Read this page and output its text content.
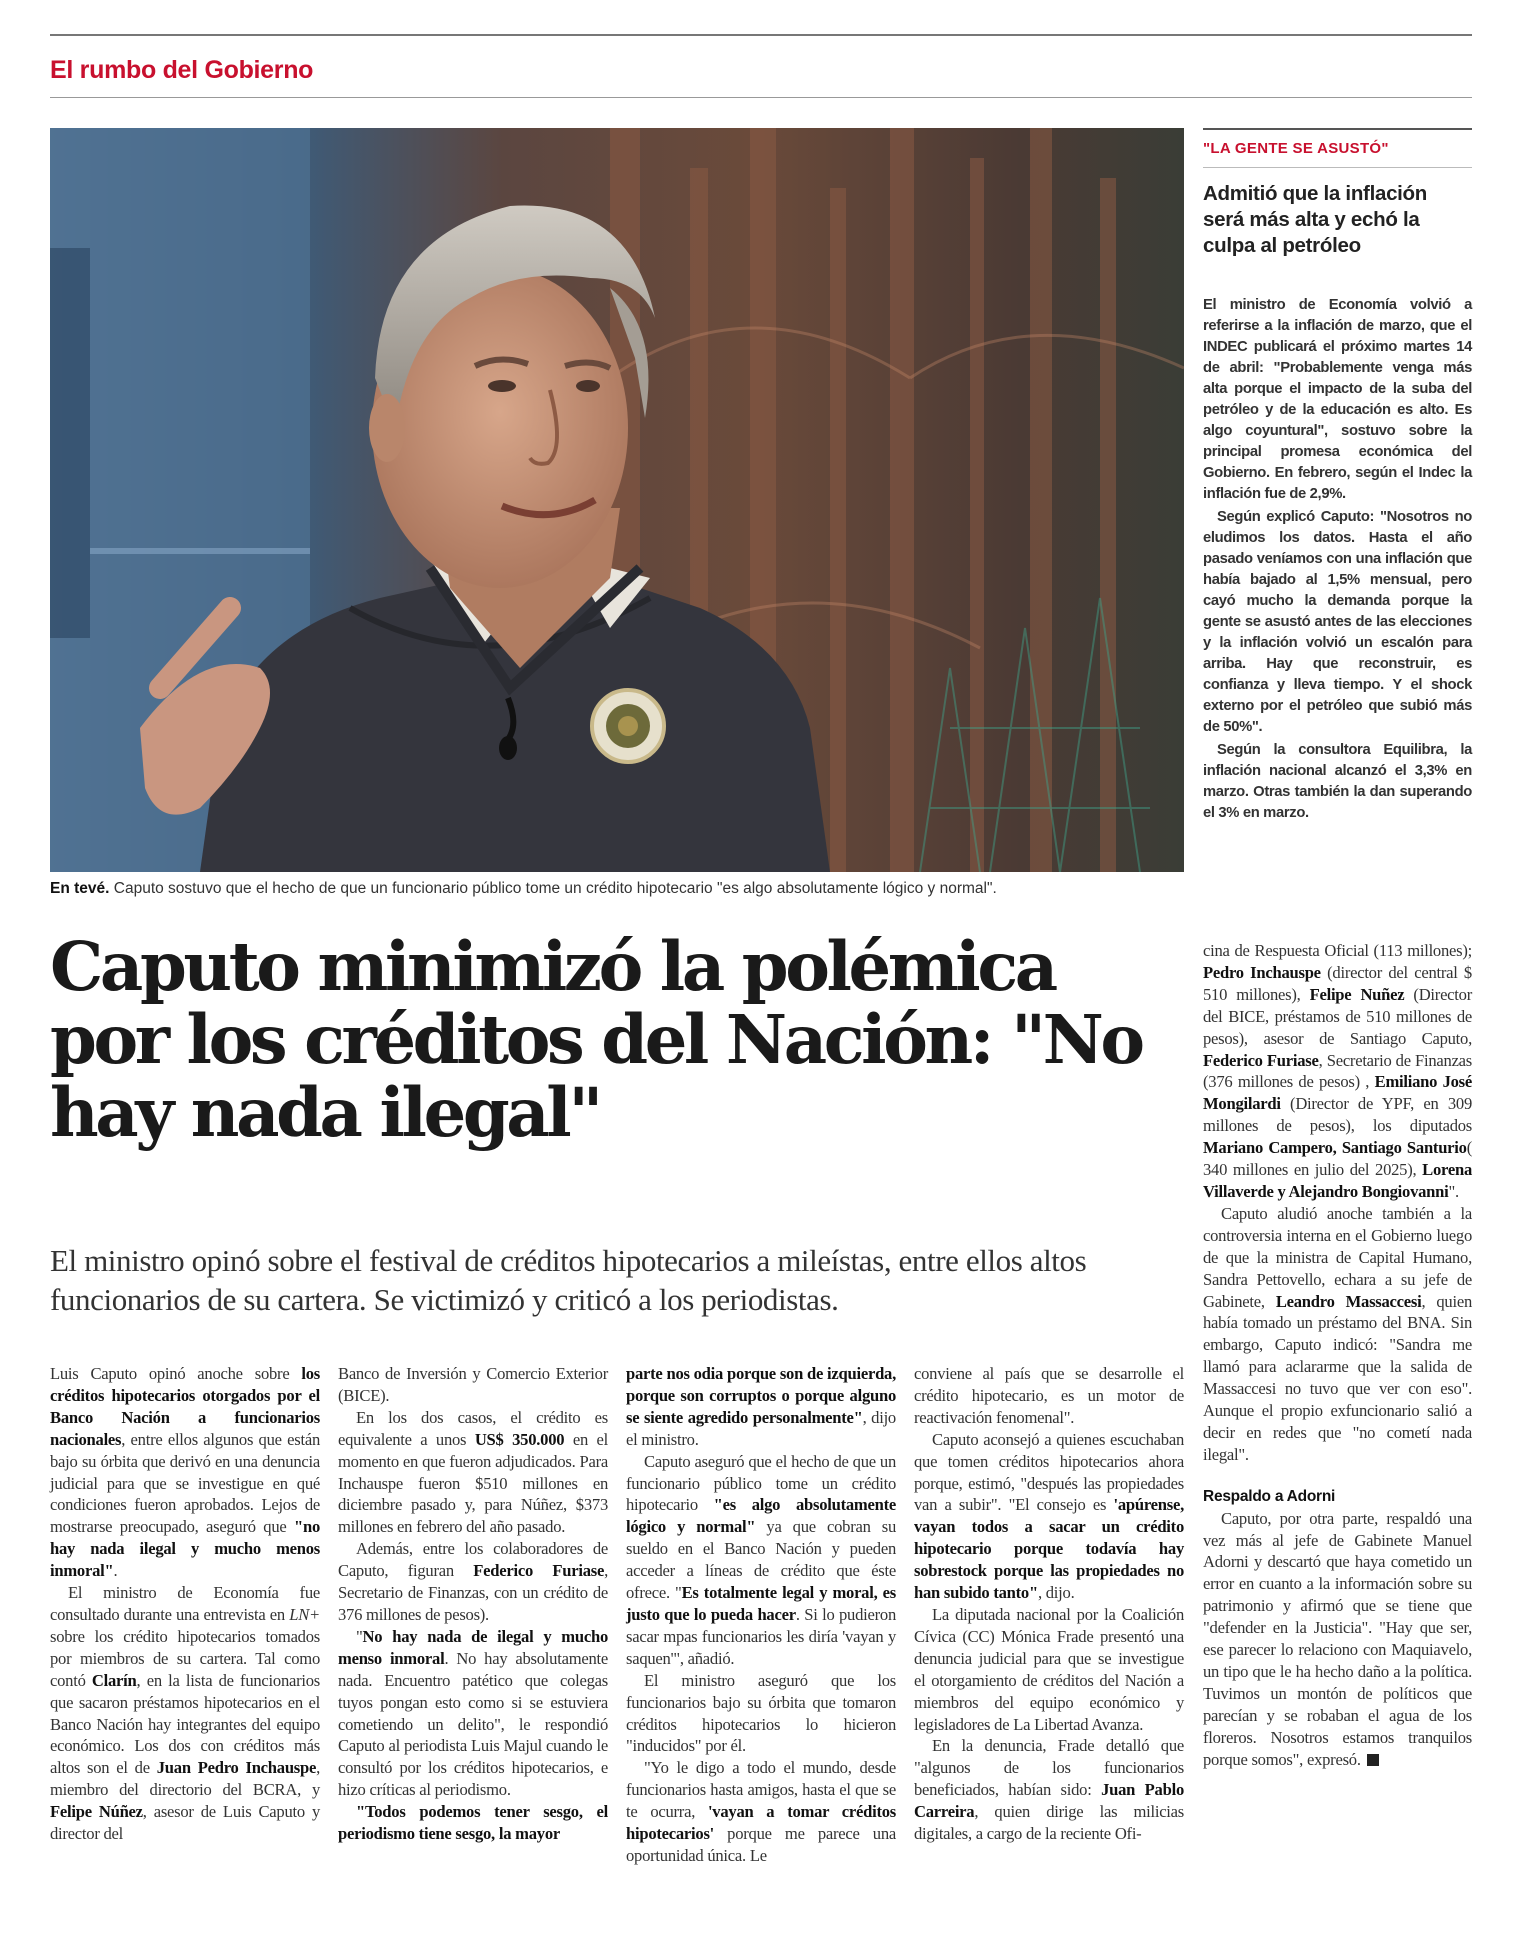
El rumbo del Gobierno
En tevé. Caputo sostuvo que el hecho de que un funcionario público tome un crédito hipotecario "es algo absolutamente lógico y normal".
"LA GENTE SE ASUSTÓ"
Admitió que la inflación será más alta y echó la culpa al petróleo

El ministro de Economía volvió a referirse a la inflación de marzo, que el INDEC publicará el próximo martes 14 de abril: "Probablemente venga más alta porque el impacto de la suba del petróleo y de la educación es alto. Es algo coyuntural", sostuvo sobre la principal promesa económica del Gobierno. En febrero, según el Indec la inflación fue de 2,9%.

Según explicó Caputo: "Nosotros no eludimos los datos. Hasta el año pasado veníamos con una inflación que había bajado al 1,5% mensual, pero cayó mucho la demanda porque la gente se asustó antes de las elecciones y la inflación volvió un escalón para arriba. Hay que reconstruir, es confianza y lleva tiempo. Y el shock externo por el petróleo que subió más de 50%".

Según la consultora Equilibra, la inflación nacional alcanzó el 3,3% en marzo. Otras también la dan superando el 3% en marzo.

Caputo minimizó la polémica por los créditos del Nación: "No hay nada ilegal"

El ministro opinó sobre el festival de créditos hipotecarios a mileístas, entre ellos altos funcionarios de su cartera. Se victimizó y criticó a los periodistas.

Luis Caputo opinó anoche sobre los créditos hipotecarios otorgados por el Banco Nación a funcionarios nacionales, entre ellos algunos que están bajo su órbita que derivó en una denuncia judicial para que se investigue en qué condiciones fueron aprobados. Lejos de mostrarse preocupado, aseguró que "no hay nada ilegal y mucho menos inmoral".

El ministro de Economía fue consultado durante una entrevista en LN+ sobre los crédito hipotecarios tomados por miembros de su cartera. Tal como contó Clarín, en la lista de funcionarios que sacaron préstamos hipotecarios en el Banco Nación hay integrantes del equipo económico. Los dos con créditos más altos son el de Juan Pedro Inchauspe, miembro del directorio del BCRA, y Felipe Núñez, asesor de Luis Caputo y director del

Banco de Inversión y Comercio Exterior (BICE).

En los dos casos, el crédito es equivalente a unos US$ 350.000 en el momento en que fueron adjudicados. Para Inchauspe fueron $510 millones en diciembre pasado y, para Núñez, $373 millones en febrero del año pasado.

Además, entre los colaboradores de Caputo, figuran Federico Furiase, Secretario de Finanzas, con un crédito de 376 millones de pesos).

"No hay nada de ilegal y mucho menso inmoral. No hay absolutamente nada. Encuentro patético que colegas tuyos pongan esto como si se estuviera cometiendo un delito", le respondió Caputo al periodista Luis Majul cuando le consultó por los créditos hipotecarios, e hizo críticas al periodismo.

"Todos podemos tener sesgo, el periodismo tiene sesgo, la mayor

parte nos odia porque son de izquierda, porque son corruptos o porque alguno se siente agredido personalmente", dijo el ministro.

Caputo aseguró que el hecho de que un funcionario público tome un crédito hipotecario "es algo absolutamente lógico y normal" ya que cobran su sueldo en el Banco Nación y pueden acceder a líneas de crédito que éste ofrece. "Es totalmente legal y moral, es justo que lo pueda hacer. Si lo pudieron sacar mpas funcionarios les diría 'vayan y saquen'", añadió.

El ministro aseguró que los funcionarios bajo su órbita que tomaron créditos hipotecarios lo hicieron "inducidos" por él.

"Yo le digo a todo el mundo, desde funcionarios hasta amigos, hasta el que se te ocurra, 'vayan a tomar créditos hipotecarios' porque me parece una oportunidad única. Le

conviene al país que se desarrolle el crédito hipotecario, es un motor de reactivación fenomenal".

Caputo aconsejó a quienes escuchaban que tomen créditos hipotecarios ahora porque, estimó, "después las propiedades van a subir". "El consejo es 'apúrense, vayan todos a sacar un crédito hipotecario porque todavía hay sobrestock porque las propiedades no han subido tanto", dijo.

La diputada nacional por la Coalición Cívica (CC) Mónica Frade presentó una denuncia judicial para que se investigue el otorgamiento de créditos del Nación a miembros del equipo económico y legisladores de La Libertad Avanza.

En la denuncia, Frade detalló que "algunos de los funcionarios beneficiados, habían sido: Juan Pablo Carreira, quien dirige las milicias digitales, a cargo de la reciente Ofi-

cina de Respuesta Oficial (113 millones); Pedro Inchauspe (director del central $ 510 millones), Felipe Nuñez (Director del BICE, préstamos de 510 millones de pesos), asesor de Santiago Caputo, Federico Furiase, Secretario de Finanzas (376 millones de pesos) , Emiliano José Mongilardi (Director de YPF, en 309 millones de pesos), los diputados Mariano Campero, Santiago Santurio( 340 millones en julio del 2025), Lorena Villaverde y Alejandro Bongiovanni".

Caputo aludió anoche también a la controversia interna en el Gobierno luego de que la ministra de Capital Humano, Sandra Pettovello, echara a su jefe de Gabinete, Leandro Massaccesi, quien había tomado un préstamo del BNA. Sin embargo, Caputo indicó: "Sandra me llamó para aclararme que la salida de Massaccesi no tuvo que ver con eso". Aunque el propio exfuncionario salió a decir en redes que "no cometí nada ilegal".

Respaldo a Adorni

Caputo, por otra parte, respaldó una vez más al jefe de Gabinete Manuel Adorni y descartó que haya cometido un error en cuanto a la información sobre su patrimonio y afirmó que se tiene que "defender en la Justicia". "Hay que ser, ese parecer lo relaciono con Maquiavelo, un tipo que le ha hecho daño a la política. Tuvimos un montón de políticos que parecían y se robaban el agua de los floreros. Nosotros estamos tranquilos porque somos", expresó.
